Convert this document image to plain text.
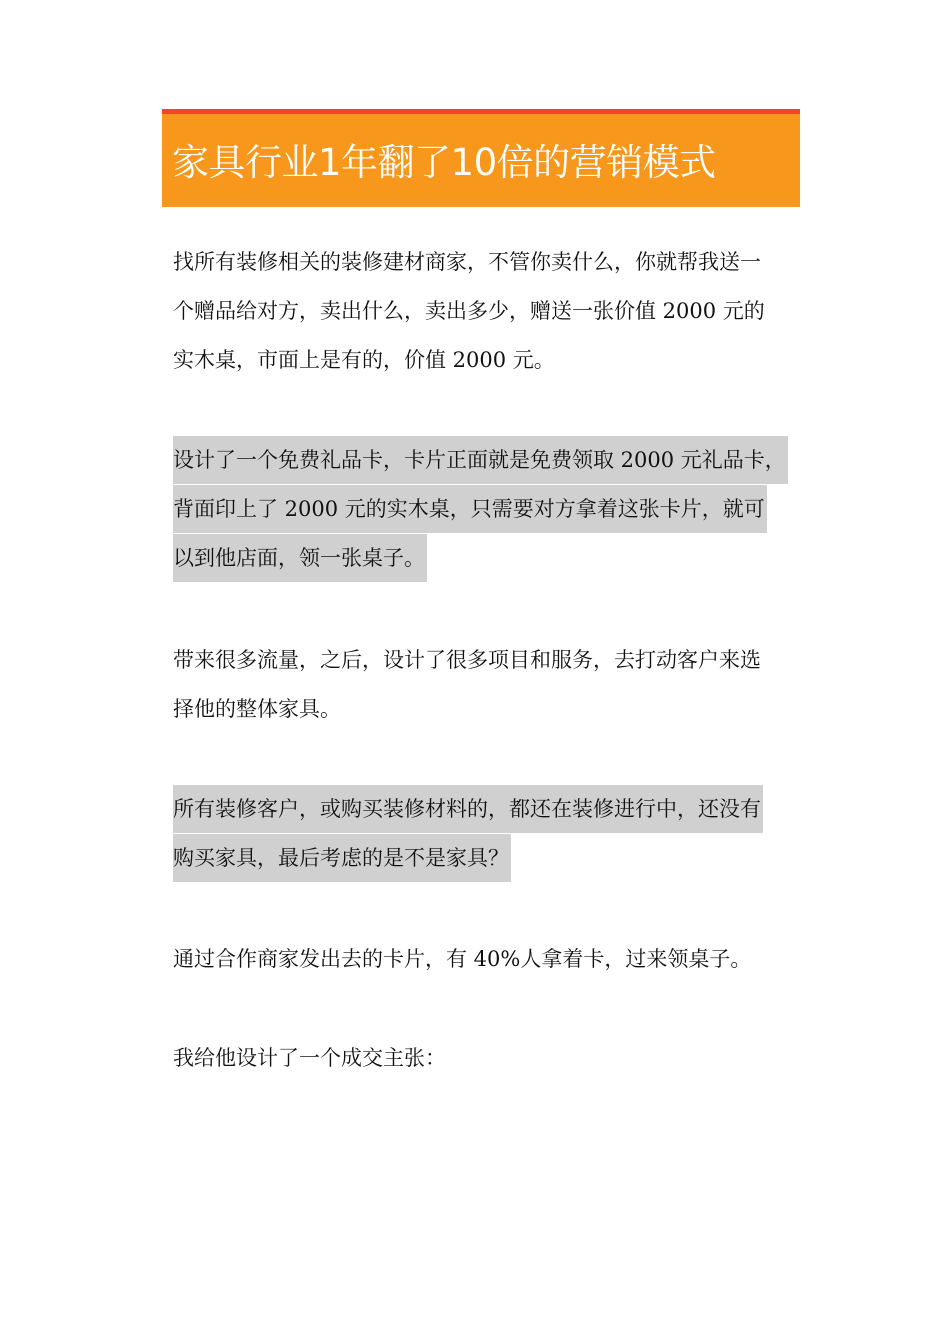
家具行业1年翻了10倍的营销模式
找所有装修相关的装修建材商家，不管你卖什么，你就帮我送一
个赠品给对方，卖出什么，卖出多少，赠送一张价值 2000 元的
实木桌，市面上是有的，价值 2000 元。
设计了一个免费礼品卡，卡片正面就是免费领取 2000 元礼品卡，
背面印上了 2000 元的实木桌，只需要对方拿着这张卡片，就可
以到他店面，领一张桌子。
带来很多流量，之后，设计了很多项目和服务，去打动客户来选
择他的整体家具。
所有装修客户，或购买装修材料的，都还在装修进行中，还没有
购买家具，最后考虑的是不是家具？
通过合作商家发出去的卡片，有 40%人拿着卡，过来领桌子。
我给他设计了一个成交主张：
